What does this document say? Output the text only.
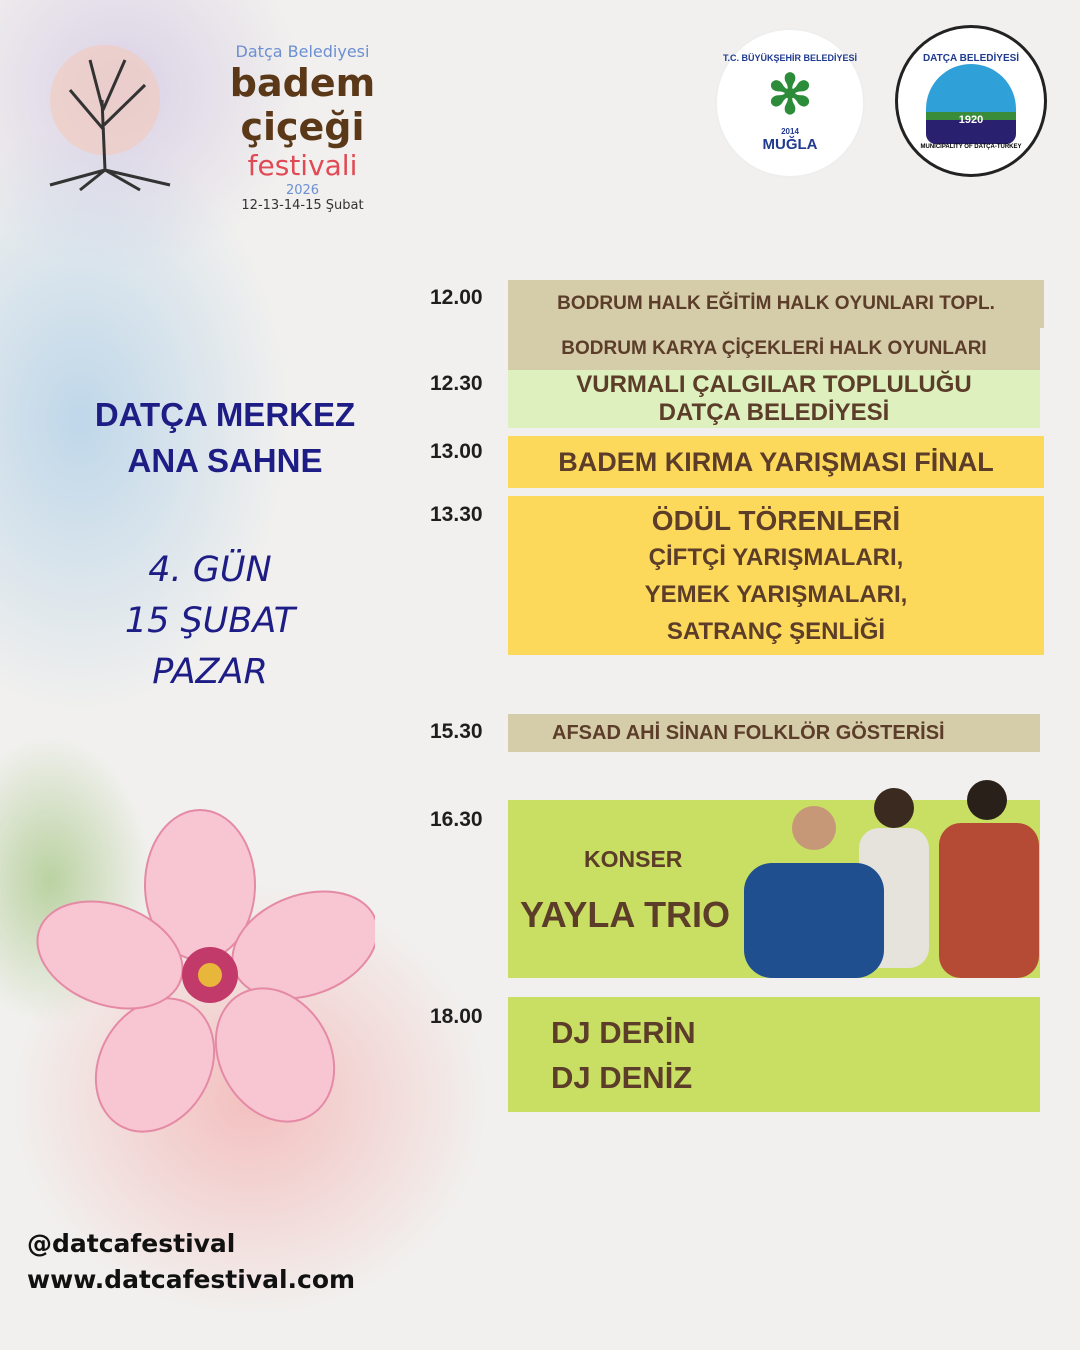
Datça Belediyesi
badem çiçeği
festivali
2026
12-13-14-15 Şubat
T.C. BÜYÜKŞEHİR BELEDİYESİ
✻
2014
MUĞLA
DATÇA BELEDİYESİ
1920
MUNICIPALITY OF DATÇA-TURKEY
DATÇA MERKEZ
ANA SAHNE
4. GÜN
15 ŞUBAT
PAZAR
12.00	BODRUM HALK EĞİTİM HALK OYUNLARI TOPL.
BODRUM KARYA ÇİÇEKLERİ HALK OYUNLARI
12.30	VURMALI ÇALGILAR TOPLULUĞU
DATÇA BELEDİYESİ
13.00	BADEM KIRMA YARIŞMASI FİNAL
13.30	ÖDÜL TÖRENLERİ
ÇİFTÇİ YARIŞMALARI,
YEMEK YARIŞMALARI,
SATRANÇ ŞENLİĞİ
15.30	AFSAD AHİ SİNAN FOLKLÖR GÖSTERİSİ
16.30
KONSER
YAYLA TRIO
18.00 DJ DERİN
DJ DENİZ
@datcafestival
www.datcafestival.com
